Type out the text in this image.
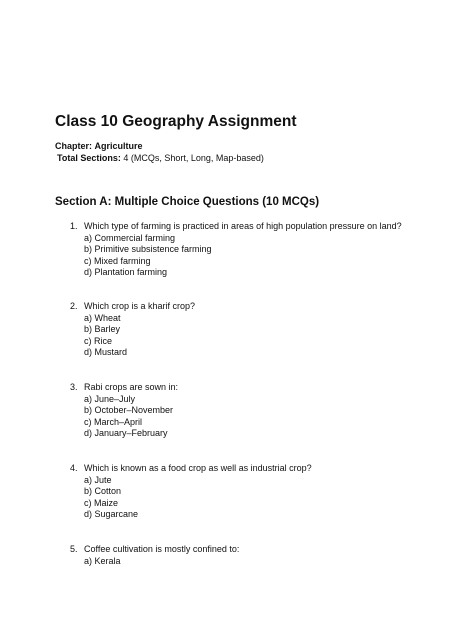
Class 10 Geography Assignment
Chapter: Agriculture
Total Sections: 4 (MCQs, Short, Long, Map-based)
Section A: Multiple Choice Questions (10 MCQs)
1. Which type of farming is practiced in areas of high population pressure on land?
a) Commercial farming
b) Primitive subsistence farming
c) Mixed farming
d) Plantation farming
2. Which crop is a kharif crop?
a) Wheat
b) Barley
c) Rice
d) Mustard
3. Rabi crops are sown in:
a) June–July
b) October–November
c) March–April
d) January–February
4. Which is known as a food crop as well as industrial crop?
a) Jute
b) Cotton
c) Maize
d) Sugarcane
5. Coffee cultivation is mostly confined to:
a) Kerala
